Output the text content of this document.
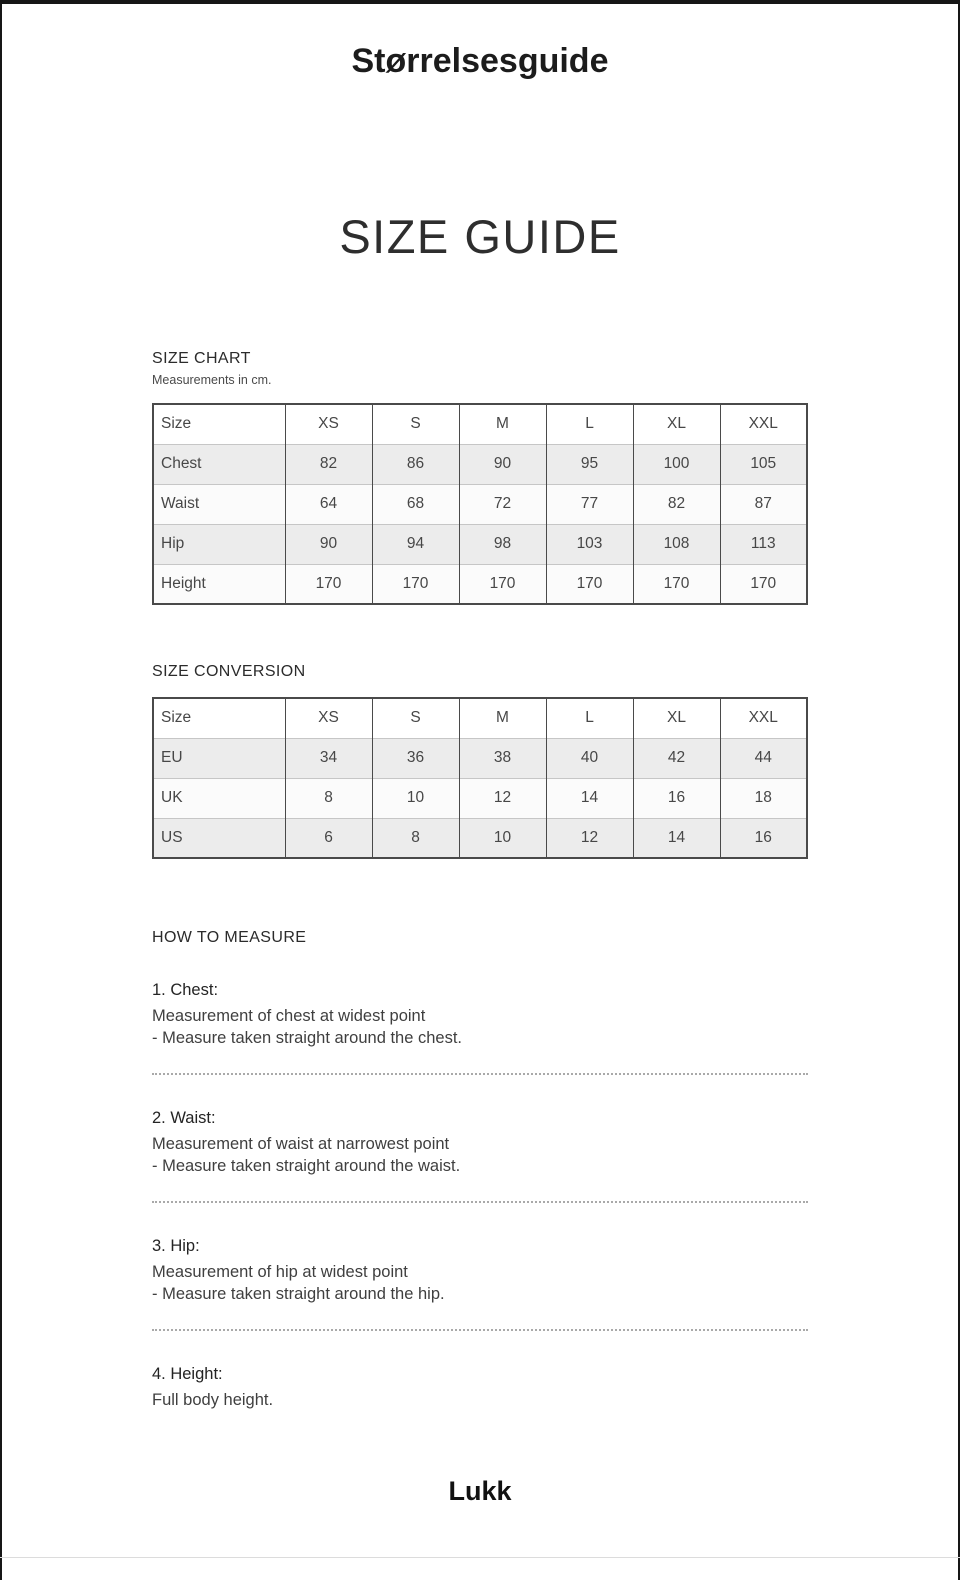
Størrelsesguide
SIZE GUIDE
SIZE CHART
Measurements in cm.
Size	XS	S	M	L	XL	XXL
Chest	82	86	90	95	100	105
Waist	64	68	72	77	82	87
Hip	90	94	98	103	108	113
Height	170	170	170	170	170	170
SIZE CONVERSION
Size	XS	S	M	L	XL	XXL
EU	34	36	38	40	42	44
UK	8	10	12	14	16	18
US	6	8	10	12	14	16
HOW TO MEASURE
1. Chest:
Measurement of chest at widest point
- Measure taken straight around the chest.
2. Waist:
Measurement of waist at narrowest point
- Measure taken straight around the waist.
3. Hip:
Measurement of hip at widest point
- Measure taken straight around the hip.
4. Height:
Full body height.
Lukk
